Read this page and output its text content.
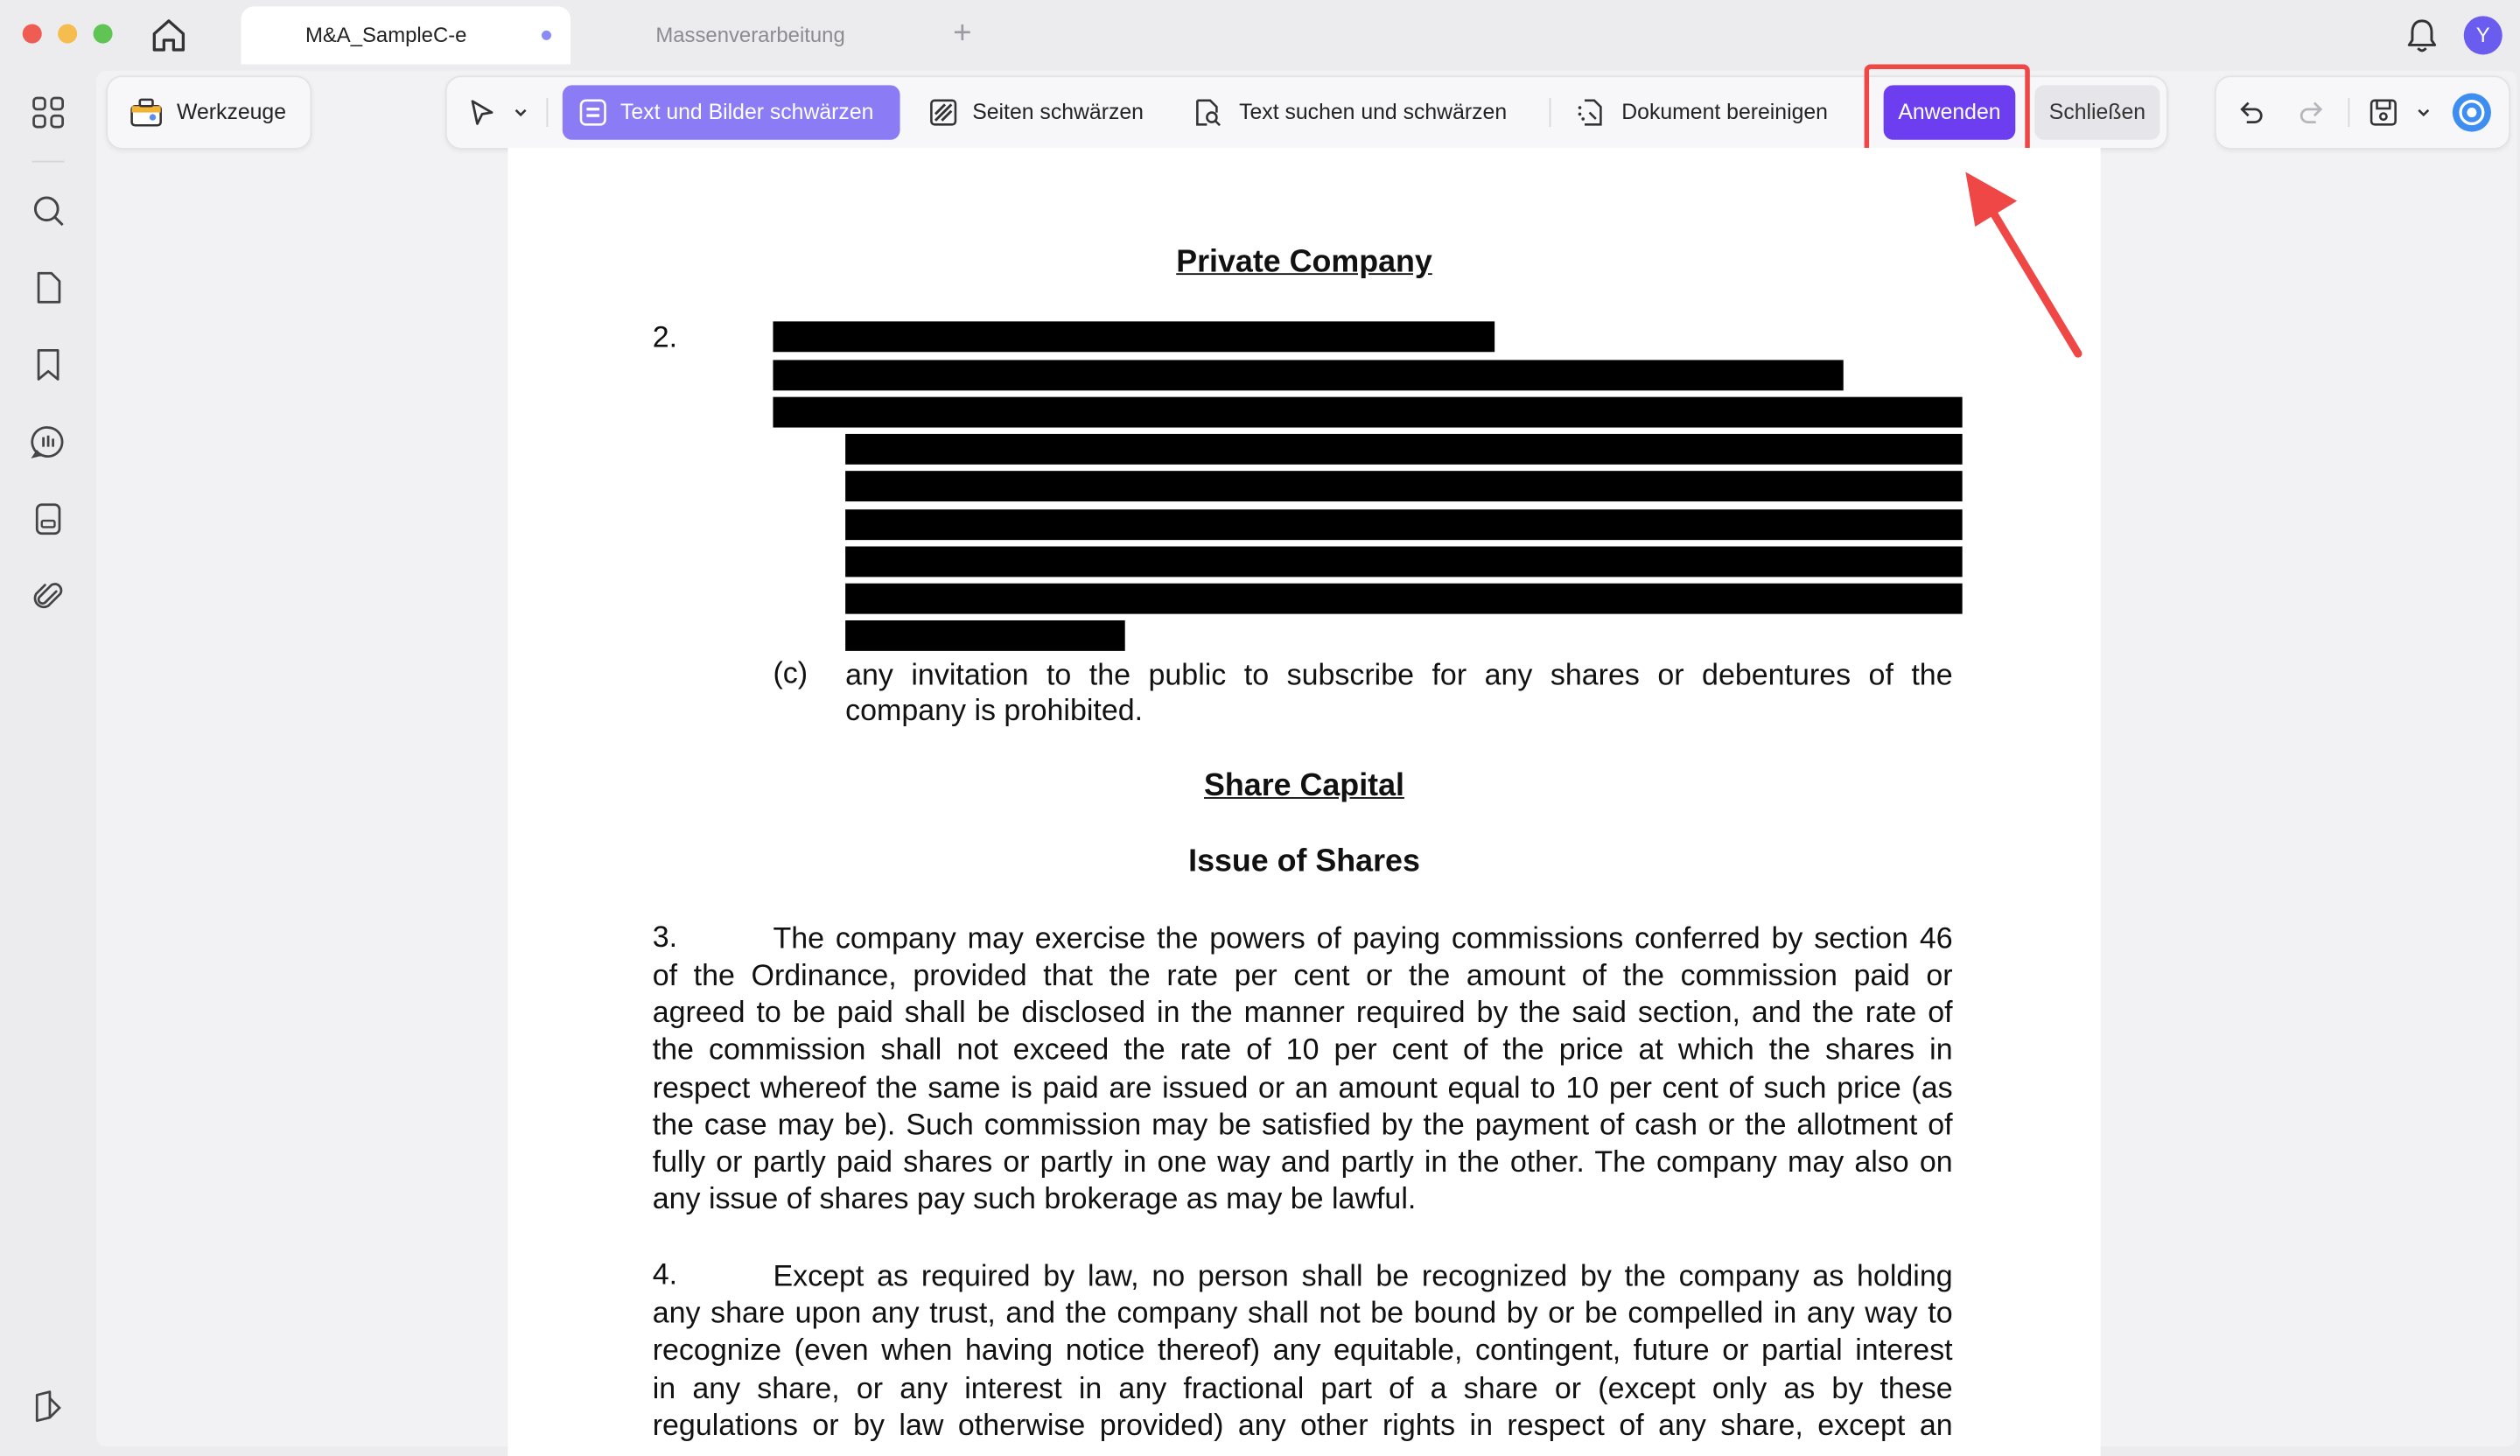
M&A_SampleC-e	Massenverarbeitung	+	Y
Werkzeuge	Text und Bilder schwärzen	Seiten schwärzen	Text suchen und schwärzen	Dokument bereinigen	Anwenden	Schließen
Private Company
2.
(c) any invitation to the public to subscribe for any shares or debentures of the
company is prohibited.
Share Capital
Issue of Shares
3.	The company may exercise the powers of paying commissions conferred by section 46
of the Ordinance, provided that the rate per cent or the amount of the commission paid or
agreed to be paid shall be disclosed in the manner required by the said section, and the rate of
the commission shall not exceed the rate of 10 per cent of the price at which the shares in
respect whereof the same is paid are issued or an amount equal to 10 per cent of such price (as
the case may be). Such commission may be satisfied by the payment of cash or the allotment of
fully or partly paid shares or partly in one way and partly in the other. The company may also on
any issue of shares pay such brokerage as may be lawful.
4.	Except as required by law, no person shall be recognized by the company as holding
any share upon any trust, and the company shall not be bound by or be compelled in any way to
recognize (even when having notice thereof) any equitable, contingent, future or partial interest
in any share, or any interest in any fractional part of a share or (except only as by these
regulations or by law otherwise provided) any other rights in respect of any share, except an
